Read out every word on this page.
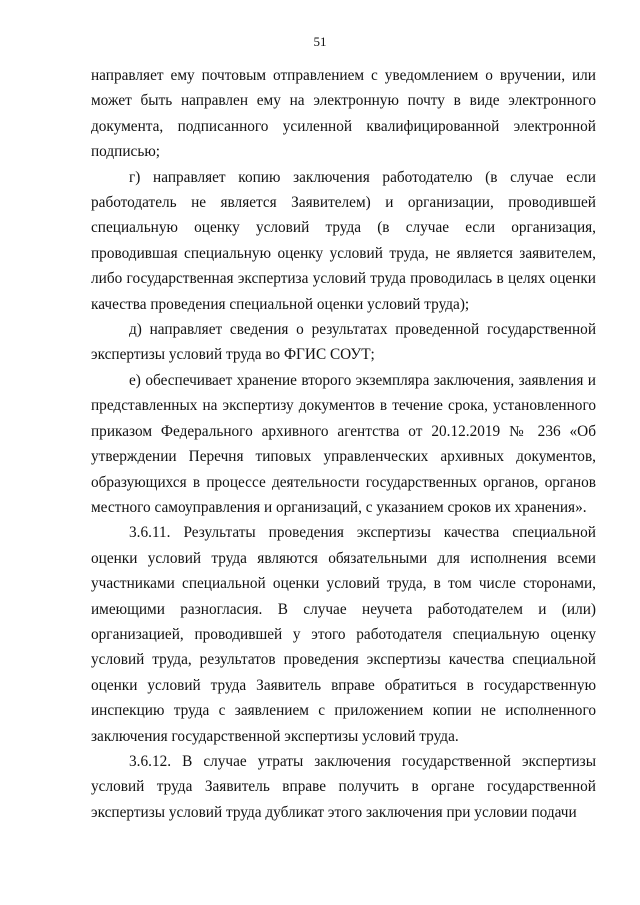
51

направляет ему почтовым отправлением с уведомлением о вручении, или может быть направлен ему на электронную почту в виде электронного документа, подписанного усиленной квалифицированной электронной подписью;

г) направляет копию заключения работодателю (в случае если работодатель не является Заявителем) и организации, проводившей специальную оценку условий труда (в случае если организация, проводившая специальную оценку условий труда, не является заявителем, либо государственная экспертиза условий труда проводилась в целях оценки качества проведения специальной оценки условий труда);

д) направляет сведения о результатах проведенной государственной экспертизы условий труда во ФГИС СОУТ;

е) обеспечивает хранение второго экземпляра заключения, заявления и представленных на экспертизу документов в течение срока, установленного приказом Федерального архивного агентства от 20.12.2019 № 236 «Об утверждении Перечня типовых управленческих архивных документов, образующихся в процессе деятельности государственных органов, органов местного самоуправления и организаций, с указанием сроков их хранения».

3.6.11. Результаты проведения экспертизы качества специальной оценки условий труда являются обязательными для исполнения всеми участниками специальной оценки условий труда, в том числе сторонами, имеющими разногласия. В случае неучета работодателем и (или) организацией, проводившей у этого работодателя специальную оценку условий труда, результатов проведения экспертизы качества специальной оценки условий труда Заявитель вправе обратиться в государственную инспекцию труда с заявлением с приложением копии не исполненного заключения государственной экспертизы условий труда.

3.6.12. В случае утраты заключения государственной экспертизы условий труда Заявитель вправе получить в органе государственной экспертизы условий труда дубликат этого заключения при условии подачи
